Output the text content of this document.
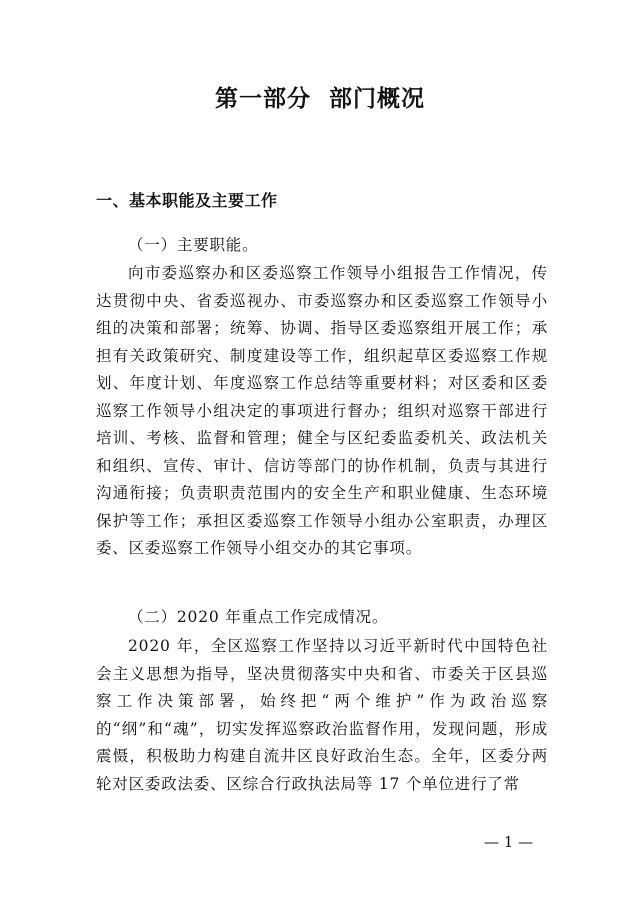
第一部分  部门概况
一、基本职能及主要工作
（一）主要职能。
向市委巡察办和区委巡察工作领导小组报告工作情况，传达贯彻中央、省委巡视办、市委巡察办和区委巡察工作领导小组的决策和部署；统筹、协调、指导区委巡察组开展工作；承担有关政策研究、制度建设等工作，组织起草区委巡察工作规划、年度计划、年度巡察工作总结等重要材料；对区委和区委巡察工作领导小组决定的事项进行督办；组织对巡察干部进行培训、考核、监督和管理；健全与区纪委监委机关、政法机关和组织、宣传、审计、信访等部门的协作机制，负责与其进行沟通衔接；负责职责范围内的安全生产和职业健康、生态环境保护等工作；承担区委巡察工作领导小组办公室职责，办理区委、区委巡察工作领导小组交办的其它事项。
（二）2020 年重点工作完成情况。
2020 年，全区巡察工作坚持以习近平新时代中国特色社会主义思想为指导，坚决贯彻落实中央和省、市委关于区县巡察工作决策部署，始终把“两个维护”作为政治巡察的“纲”和“魂”，切实发挥巡察政治监督作用，发现问题，形成震慑，积极助力构建自流井区良好政治生态。全年，区委分两轮对区委政法委、区综合行政执法局等 17 个单位进行了常
— 1 —
